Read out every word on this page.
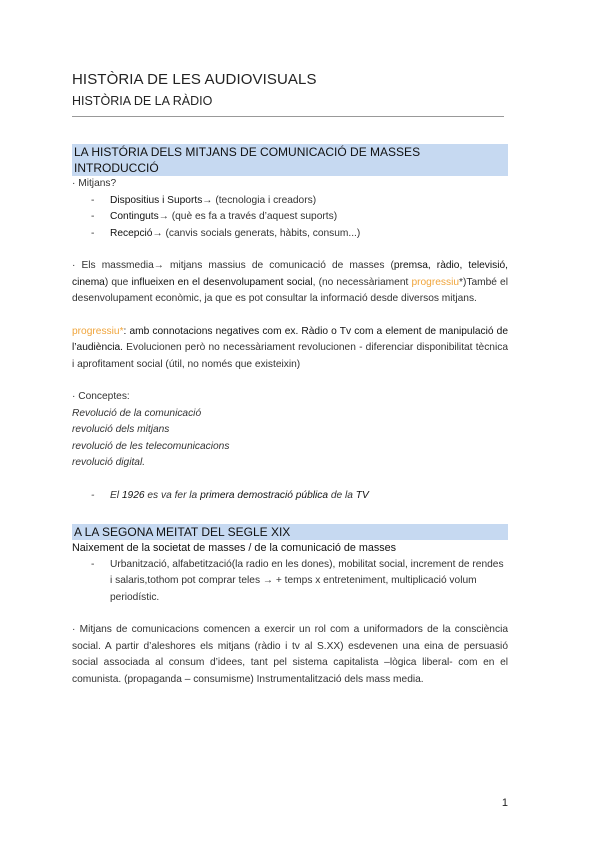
HISTÒRIA DE LES AUDIOVISUALS
HISTÒRIA DE LA RÀDIO
LA HISTÓRIA DELS MITJANS DE COMUNICACIÓ DE MASSES
INTRODUCCIÓ
· Mitjans?
- Dispositius i Suports→ (tecnologia i creadors)
- Continguts→ (què es fa a través d’aquest suports)
- Recepció→ (canvis socials generats, hàbits, consum...)
· Els massmedia→ mitjans massius de comunicació de masses (premsa, ràdio, televisió, cinema) que influeixen en el desenvolupament social, (no necessàriament progressiu*)També el desenvolupament econòmic, ja que es pot consultar la informació desde diversos mitjans.
progressiu*: amb connotacions negatives com ex. Ràdio o Tv com a element de manipulació de l’audiència. Evolucionen però no necessàriament revolucionen - diferenciar disponibilitat tècnica i aprofitament social (útil, no només que existeixin)
· Conceptes:
Revolució de la comunicació
revolució dels mitjans
revolució de les telecomunicacions
revolució digital.
- El 1926 es va fer la primera demostració pública de la TV
A LA SEGONA MEITAT DEL SEGLE XIX
Naixement de la societat de masses / de la comunicació de masses
- Urbanització, alfabetització(la radio en les dones), mobilitat social, increment de rendes i salaris,tothom pot comprar teles → + temps x entreteniment, multiplicació volum periodístic.
· Mitjans de comunicacions comencen a exercir un rol com a uniformadors de la consciència social. A partir d’aleshores els mitjans (ràdio i tv al S.XX) esdevenen una eina de persuasió social associada al consum d’idees, tant pel sistema capitalista –lògica liberal- com en el comunista. (propaganda – consumisme) Instrumentalització dels mass media.
1
